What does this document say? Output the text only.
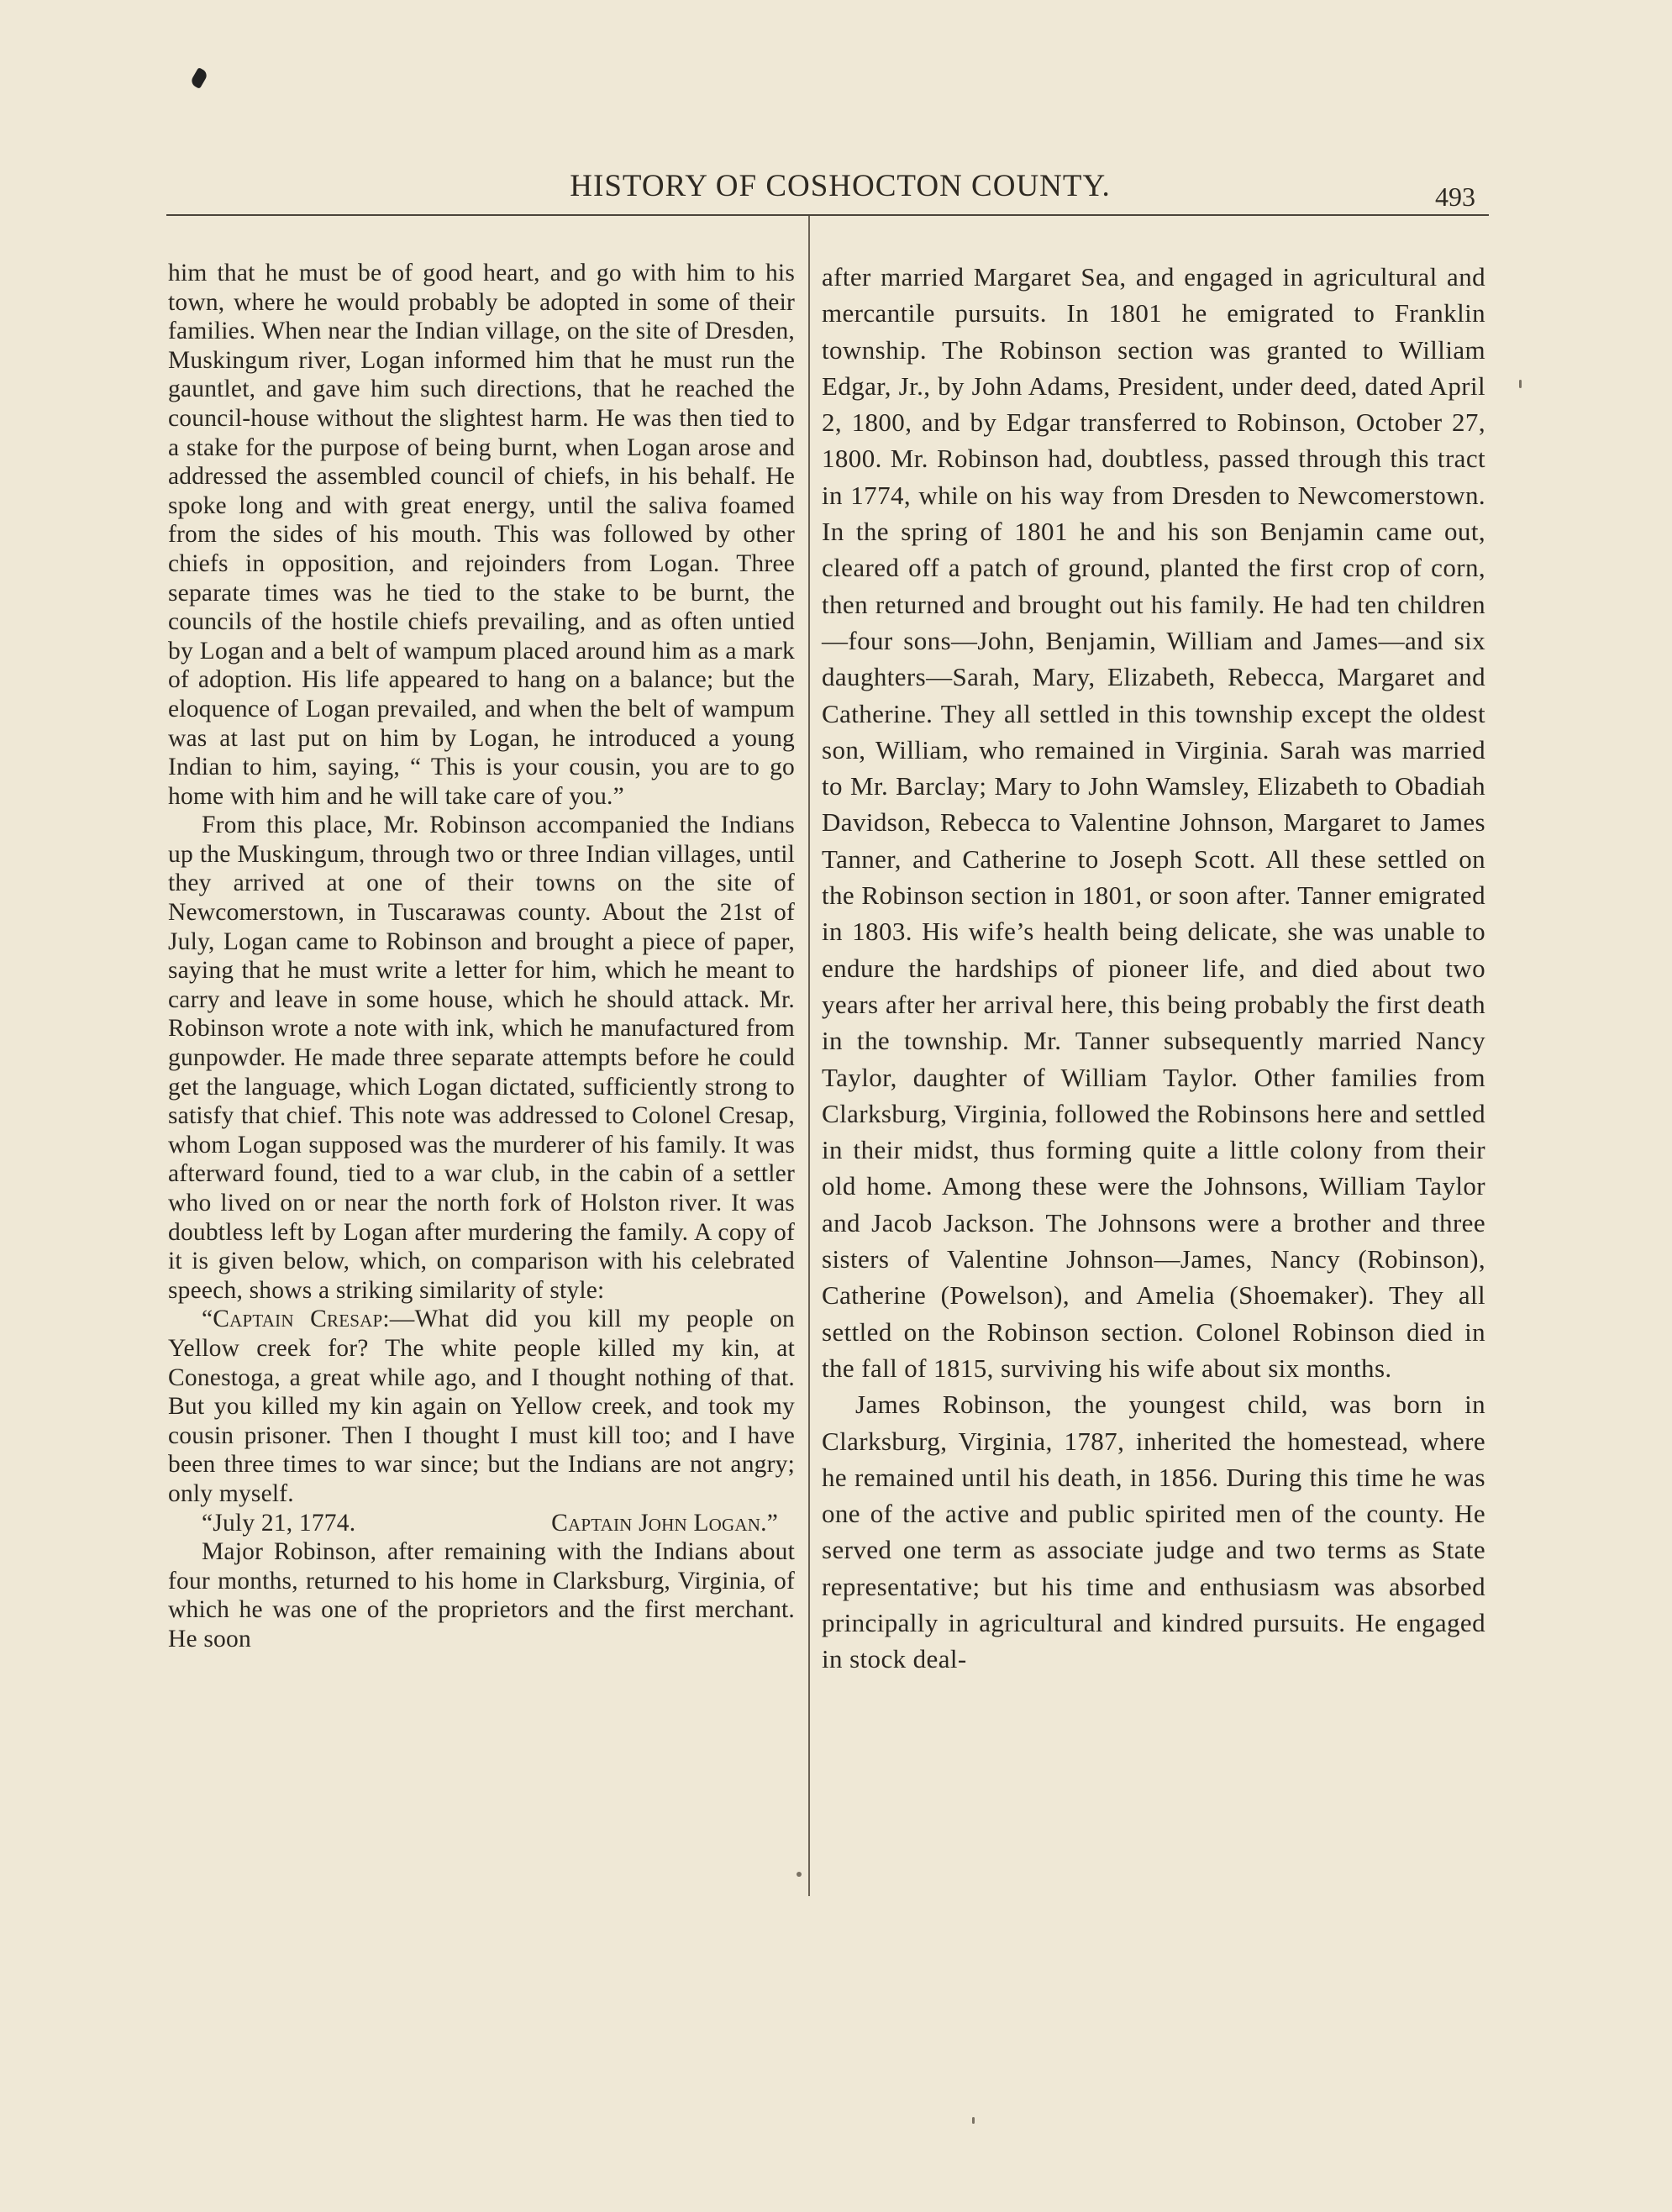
HISTORY OF COSHOCTON COUNTY.	493

him that he must be of good heart, and go with him to his town, where he would probably be adopted in some of their families. When near the Indian village, on the site of Dresden, Muskingum river, Logan informed him that he must run the gauntlet, and gave him such directions, that he reached the council-house without the slightest harm. He was then tied to a stake for the purpose of being burnt, when Logan arose and addressed the assembled council of chiefs, in his behalf. He spoke long and with great energy, until the saliva foamed from the sides of his mouth. This was followed by other chiefs in opposition, and rejoinders from Logan. Three separate times was he tied to the stake to be burnt, the councils of the hostile chiefs prevailing, and as often untied by Logan and a belt of wampum placed around him as a mark of adoption. His life appeared to hang on a balance; but the eloquence of Logan prevailed, and when the belt of wampum was at last put on him by Logan, he introduced a young Indian to him, saying, “ This is your cousin, you are to go home with him and he will take care of you.”

From this place, Mr. Robinson accompanied the Indians up the Muskingum, through two or three Indian villages, until they arrived at one of their towns on the site of Newcomerstown, in Tuscarawas county. About the 21st of July, Logan came to Robinson and brought a piece of paper, saying that he must write a letter for him, which he meant to carry and leave in some house, which he should attack. Mr. Robinson wrote a note with ink, which he manufactured from gunpowder. He made three separate attempts before he could get the language, which Logan dictated, sufficiently strong to satisfy that chief. This note was addressed to Colonel Cresap, whom Logan supposed was the murderer of his family. It was afterward found, tied to a war club, in the cabin of a settler who lived on or near the north fork of Holston river. It was doubtless left by Logan after murdering the family. A copy of it is given below, which, on comparison with his celebrated speech, shows a striking similarity of style:

“Captain Cresap:—What did you kill my people on Yellow creek for? The white people killed my kin, at Conestoga, a great while ago, and I thought nothing of that. But you killed my kin again on Yellow creek, and took my cousin prisoner. Then I thought I must kill too; and I have been three times to war since; but the Indians are not angry; only myself.

“July 21, 1774.	Captain John Logan.”

Major Robinson, after remaining with the Indians about four months, returned to his home in Clarksburg, Virginia, of which he was one of the proprietors and the first merchant. He soon

after married Margaret Sea, and engaged in agricultural and mercantile pursuits. In 1801 he emigrated to Franklin township. The Robinson section was granted to William Edgar, Jr., by John Adams, President, under deed, dated April 2, 1800, and by Edgar transferred to Robinson, October 27, 1800. Mr. Robinson had, doubtless, passed through this tract in 1774, while on his way from Dresden to Newcomerstown. In the spring of 1801 he and his son Benjamin came out, cleared off a patch of ground, planted the first crop of corn, then returned and brought out his family. He had ten children—four sons—John, Benjamin, William and James—and six daughters—Sarah, Mary, Elizabeth, Rebecca, Margaret and Catherine. They all settled in this township except the oldest son, William, who remained in Virginia. Sarah was married to Mr. Barclay; Mary to John Wamsley, Elizabeth to Obadiah Davidson, Rebecca to Valentine Johnson, Margaret to James Tanner, and Catherine to Joseph Scott. All these settled on the Robinson section in 1801, or soon after. Tanner emigrated in 1803. His wife’s health being delicate, she was unable to endure the hardships of pioneer life, and died about two years after her arrival here, this being probably the first death in the township. Mr. Tanner subsequently married Nancy Taylor, daughter of William Taylor. Other families from Clarksburg, Virginia, followed the Robinsons here and settled in their midst, thus forming quite a little colony from their old home. Among these were the Johnsons, William Taylor and Jacob Jackson. The Johnsons were a brother and three sisters of Valentine Johnson—James, Nancy (Robinson), Catherine (Powelson), and Amelia (Shoemaker). They all settled on the Robinson section. Colonel Robinson died in the fall of 1815, surviving his wife about six months.

James Robinson, the youngest child, was born in Clarksburg, Virginia, 1787, inherited the homestead, where he remained until his death, in 1856. During this time he was one of the active and public spirited men of the county. He served one term as associate judge and two terms as State representative; but his time and enthusiasm was absorbed principally in agricultural and kindred pursuits. He engaged in stock deal-
